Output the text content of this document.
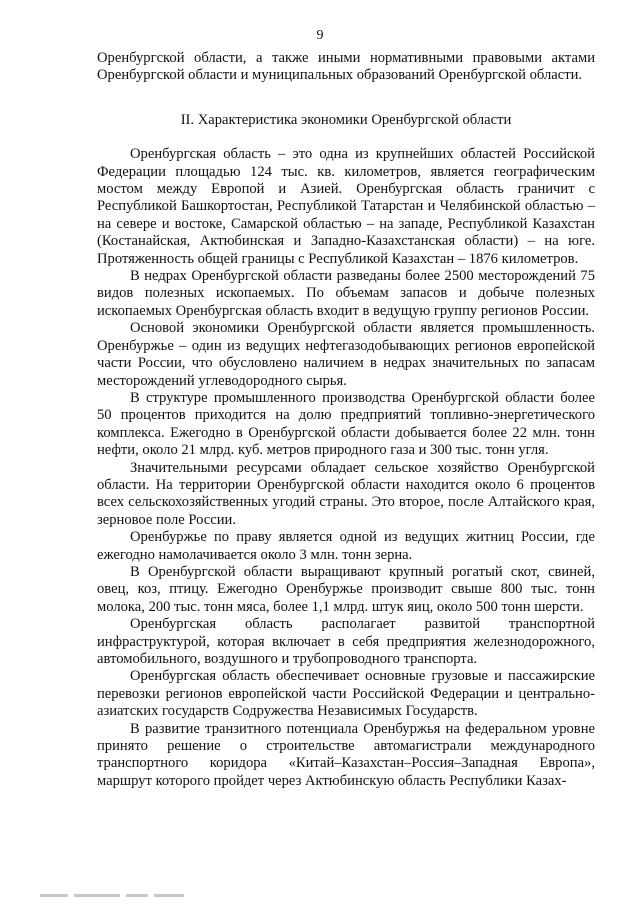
9

Оренбургской области, а также иными нормативными правовыми актами Оренбургской области и муниципальных образований Оренбургской области.

II. Характеристика экономики Оренбургской области

Оренбургская область – это одна из крупнейших областей Российской Федерации площадью 124 тыс. кв. километров, является географическим мостом между Европой и Азией. Оренбургская область граничит с Республикой Башкортостан, Республикой Татарстан и Челябинской областью – на севере и востоке, Самарской областью – на западе, Республикой Казахстан (Костанайская, Актюбинская и Западно-Казахстанская области) – на юге. Протяженность общей границы с Республикой Казахстан – 1876 километров.

В недрах Оренбургской области разведаны более 2500 месторождений 75 видов полезных ископаемых. По объемам запасов и добыче полезных ископаемых Оренбургская область входит в ведущую группу регионов России.

Основой экономики Оренбургской области является промышленность. Оренбуржье – один из ведущих нефтегазодобывающих регионов европейской части России, что обусловлено наличием в недрах значительных по запасам месторождений углеводородного сырья.

В структуре промышленного производства Оренбургской области более 50 процентов приходится на долю предприятий топливно-энергетического комплекса. Ежегодно в Оренбургской области добывается более 22 млн. тонн нефти, около 21 млрд. куб. метров природного газа и 300 тыс. тонн угля.

Значительными ресурсами обладает сельское хозяйство Оренбургской области. На территории Оренбургской области находится около 6 процентов всех сельскохозяйственных угодий страны. Это второе, после Алтайского края, зерновое поле России.

Оренбуржье по праву является одной из ведущих житниц России, где ежегодно намолачивается около 3 млн. тонн зерна.

В Оренбургской области выращивают крупный рогатый скот, свиней, овец, коз, птицу. Ежегодно Оренбуржье производит свыше 800 тыс. тонн молока, 200 тыс. тонн мяса, более 1,1 млрд. штук яиц, около 500 тонн шерсти.

Оренбургская область располагает развитой транспортной инфраструктурой, которая включает в себя предприятия железнодорожного, автомобильного, воздушного и трубопроводного транспорта.

Оренбургская область обеспечивает основные грузовые и пассажирские перевозки регионов европейской части Российской Федерации и центрально-азиатских государств Содружества Независимых Государств.

В развитие транзитного потенциала Оренбуржья на федеральном уровне принято решение о строительстве автомагистрали международного транспортного коридора «Китай–Казахстан–Россия–Западная Европа», маршрут которого пройдет через Актюбинскую область Республики Казах-
